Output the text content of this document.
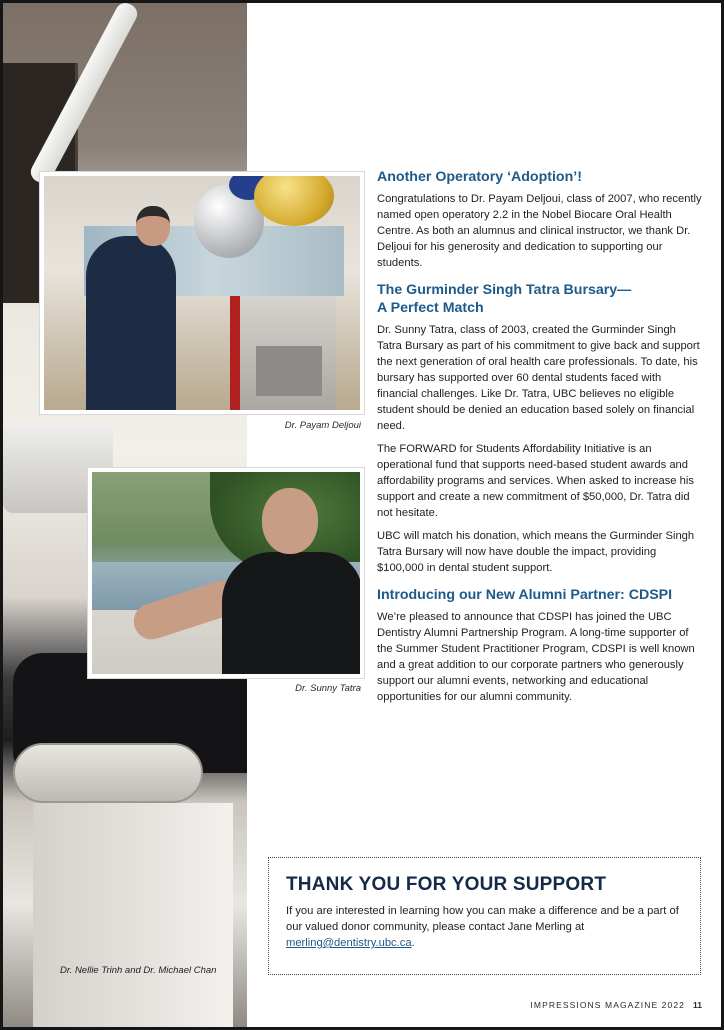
Dr. Payam Deljoui
Dr. Sunny Tatra
Dr. Nellie Trinh and Dr. Michael Chan
Another Operatory ‘Adoption’!

Congratulations to Dr. Payam Deljoui, class of 2007, who recently named open operatory 2.2 in the Nobel Biocare Oral Health Centre. As both an alumnus and clinical instructor, we thank Dr. Deljoui for his generosity and dedication to supporting our students.

The Gurminder Singh Tatra Bursary—
A Perfect Match

Dr. Sunny Tatra, class of 2003, created the Gurminder Singh Tatra Bursary as part of his commitment to give back and support the next generation of oral health care professionals. To date, his bursary has supported over 60 dental students faced with financial challenges. Like Dr. Tatra, UBC believes no eligible student should be denied an education based solely on financial need.

The FORWARD for Students Affordability Initiative is an operational fund that supports need-based student awards and affordability programs and services. When asked to increase his support and create a new commitment of $50,000, Dr. Tatra did not hesitate.

UBC will match his donation, which means the Gurminder Singh Tatra Bursary will now have double the impact, providing $100,000 in dental student support.

Introducing our New Alumni Partner: CDSPI

We’re pleased to announce that CDSPI has joined the UBC Dentistry Alumni Partnership Program. A long-time supporter of the Summer Student Practitioner Program, CDSPI is well known and a great addition to our corporate partners who generously support our alumni events, networking and educational opportunities for our alumni community.

THANK YOU FOR YOUR SUPPORT

If you are interested in learning how you can make a difference and be a part of our valued donor community, please contact Jane Merling at merling@dentistry.ubc.ca.

IMPRESSIONS MAGAZINE 2022 11
